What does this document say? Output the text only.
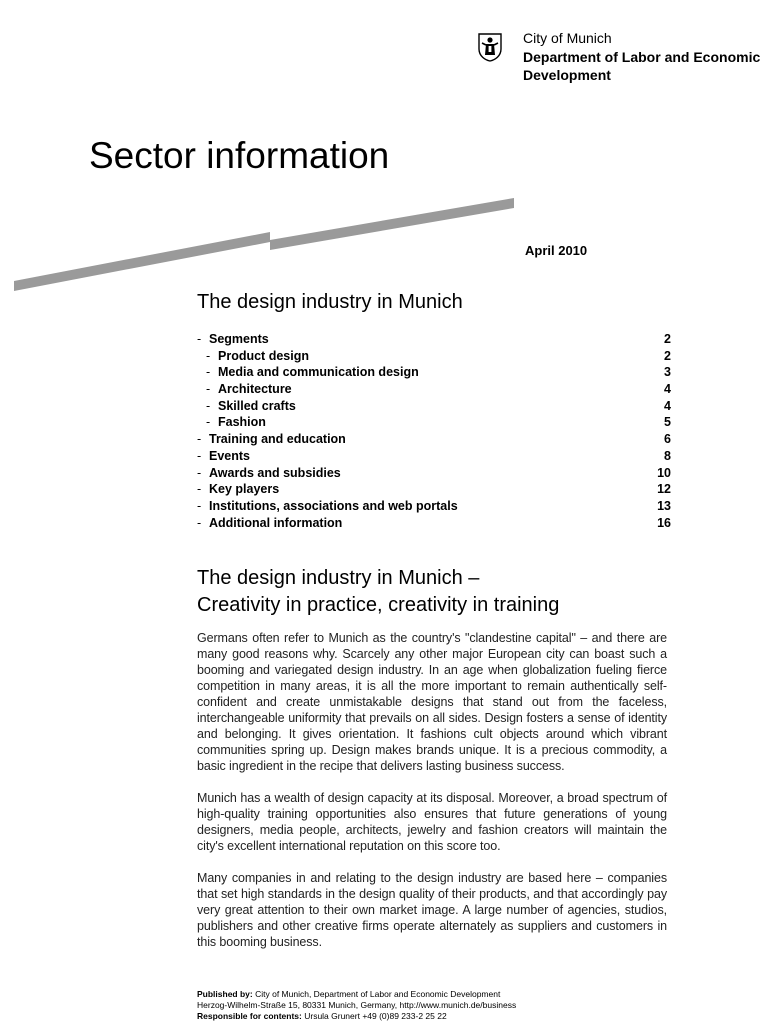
City of Munich
Department of Labor and Economic Development
Sector information
April 2010
The design industry in Munich
- Segments	2
- Product design	2
- Media and communication design	3
- Architecture	4
- Skilled crafts	4
- Fashion	5
- Training and education	6
- Events	8
- Awards and subsidies	10
- Key players	12
- Institutions, associations and web portals	13
- Additional information	16
The design industry in Munich –
Creativity in practice, creativity in training

Germans often refer to Munich as the country's "clandestine capital" – and there are many good reasons why. Scarcely any other major European city can boast such a booming and variegated design industry. In an age when globalization fueling fierce competition in many areas, it is all the more important to remain authentically self-confident and create unmistakable designs that stand out from the faceless, interchangeable uniformity that prevails on all sides. Design fosters a sense of identity and belonging. It gives orientation. It fashions cult objects around which vibrant communities spring up. Design makes brands unique. It is a precious commodity, a basic ingredient in the recipe that delivers lasting business success.

Munich has a wealth of design capacity at its disposal. Moreover, a broad spectrum of high-quality training opportunities also ensures that future generations of young designers, media people, architects, jewelry and fashion creators will maintain the city's excellent international reputation on this score too.

Many companies in and relating to the design industry are based here – companies that set high standards in the design quality of their products, and that accordingly pay very great attention to their own market image. A large number of agencies, studios, publishers and other creative firms operate alternately as suppliers and customers in this booming business.

Published by: City of Munich, Department of Labor and Economic Development
Herzog-Wilhelm-Straße 15, 80331 Munich, Germany, http://www.munich.de/business
Responsible for contents: Ursula Grunert +49 (0)89 233-2 25 22
